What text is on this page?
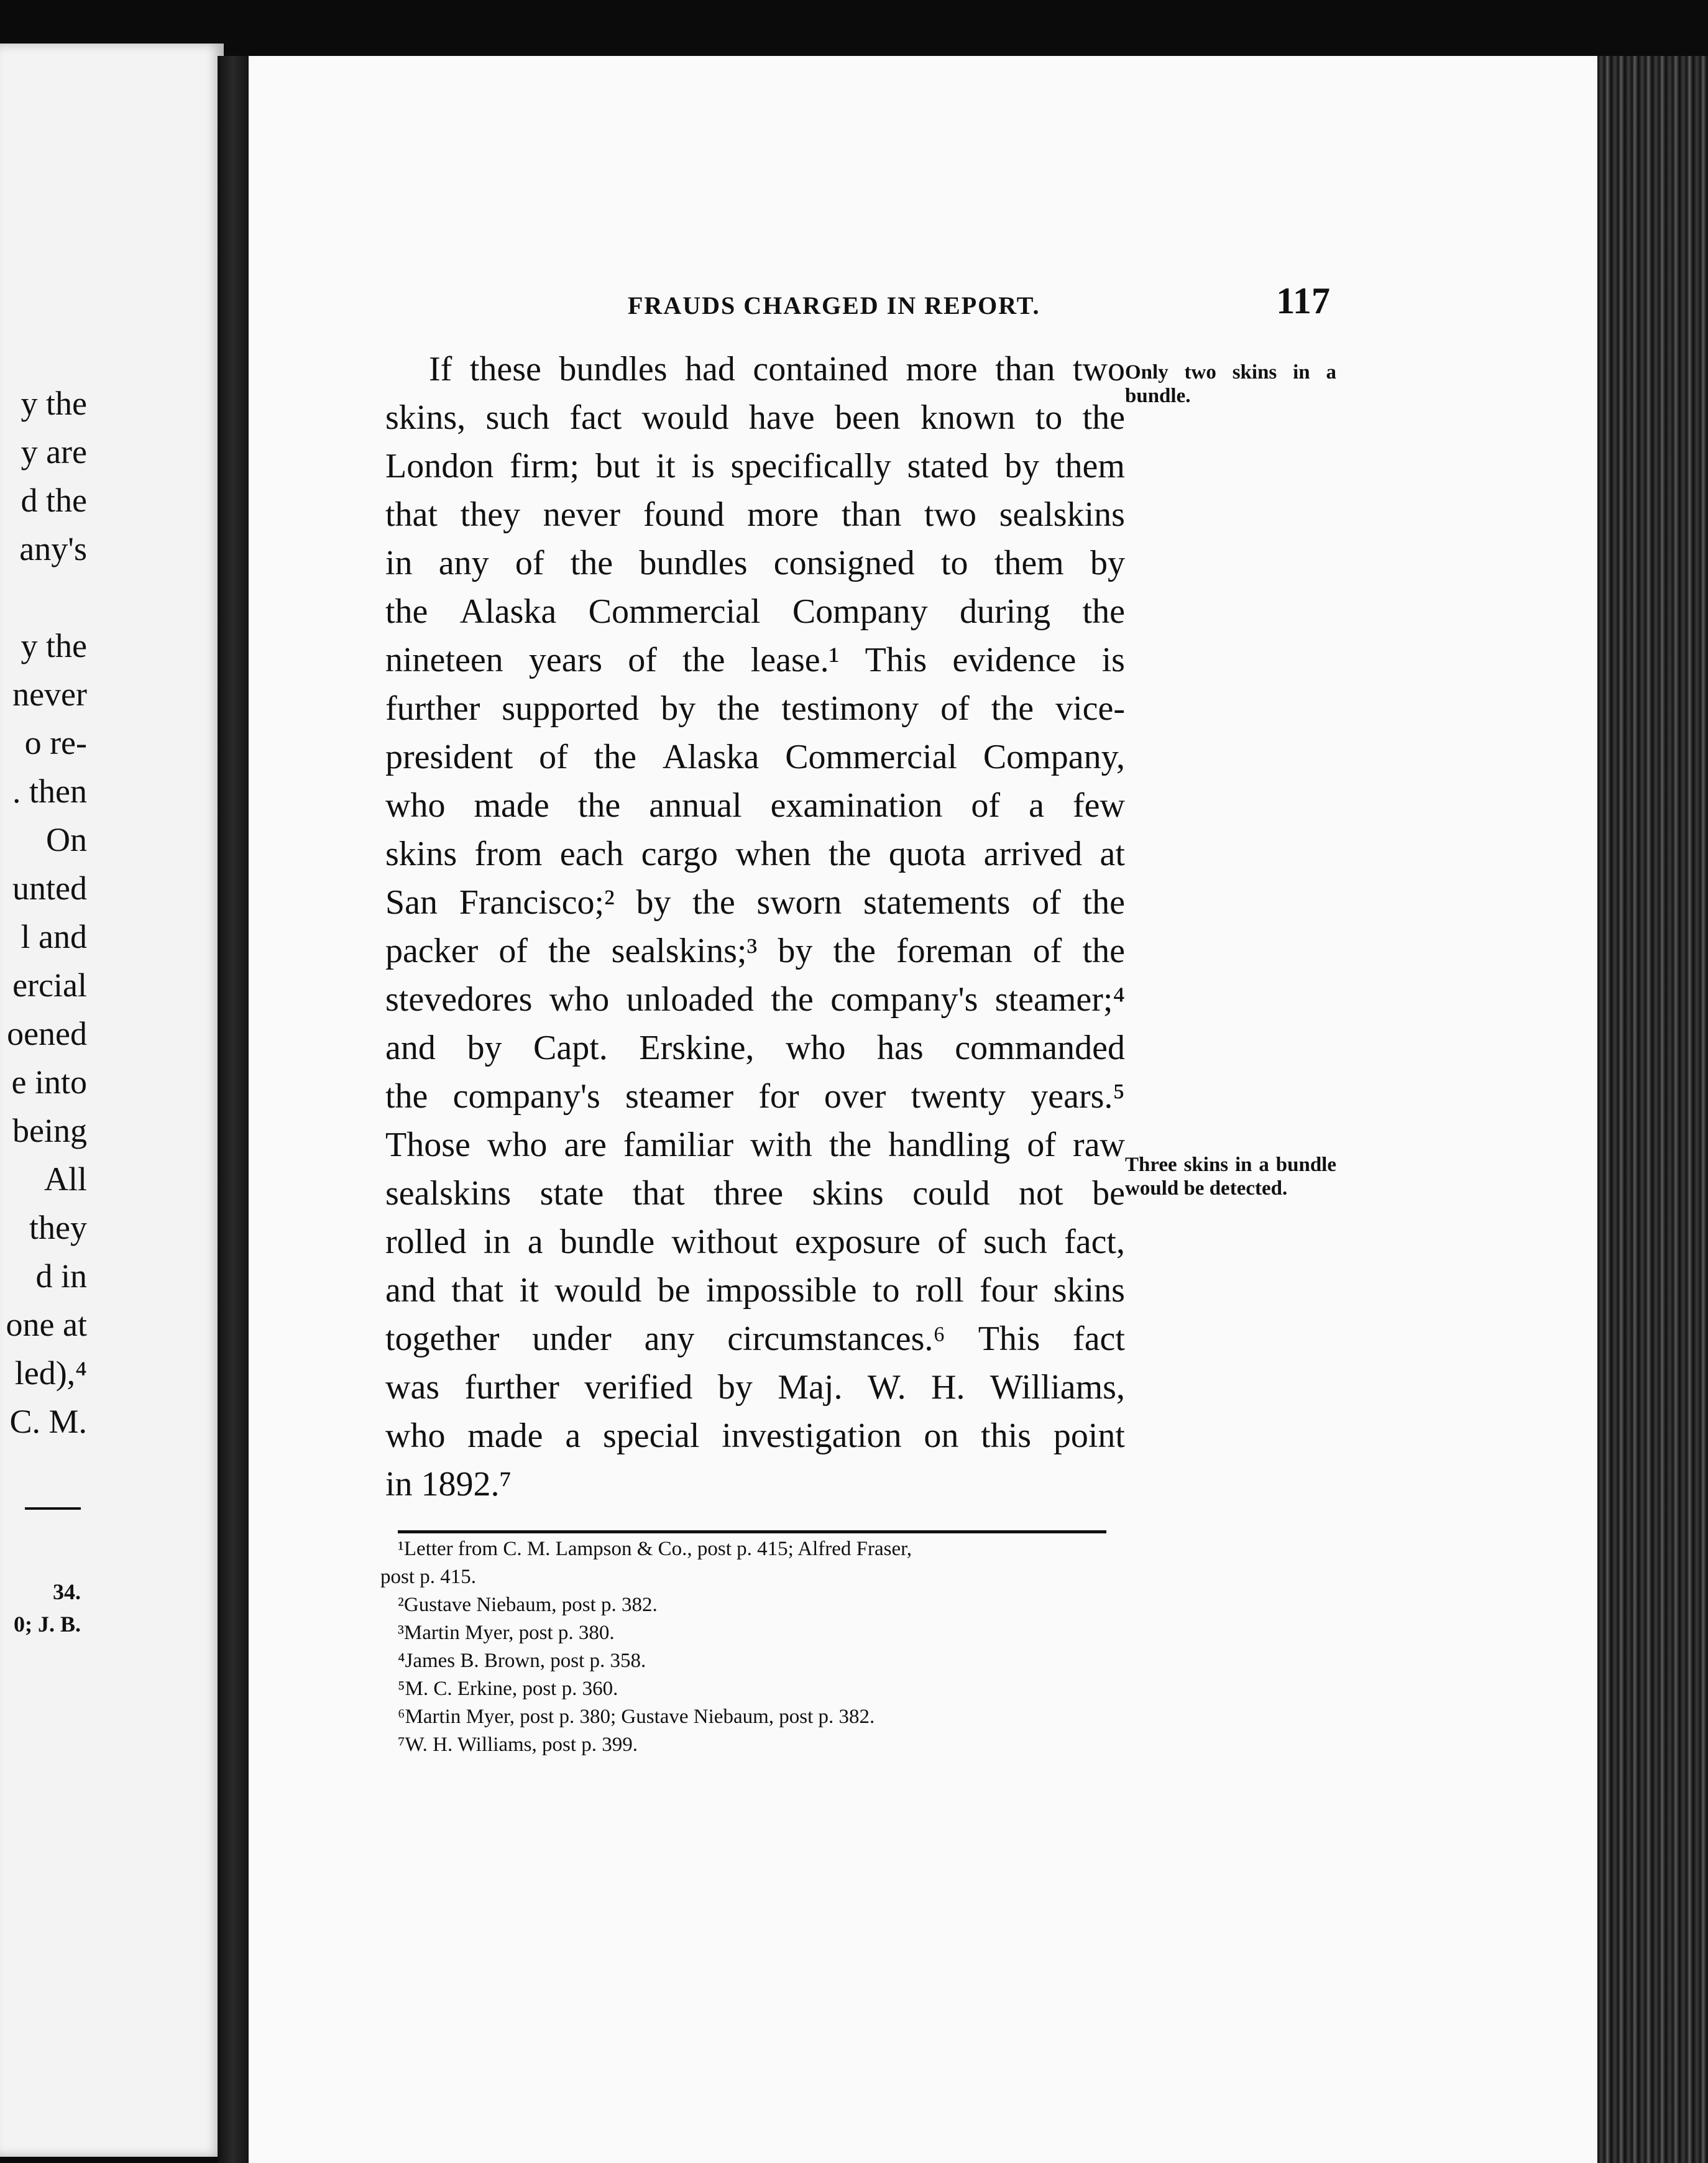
y the
y are
d the
any's

y the
never
o re-
. then
On
unted
l and
ercial
oened
e into
being
All
they
d in
one at
led),⁴
C. M.
34.
0; J. B.
FRAUDS CHARGED IN REPORT.	117
If these bundles had contained more than two
skins, such fact would have been known to the
London firm; but it is specifically stated by them
that they never found more than two sealskins
in any of the bundles consigned to them by
the Alaska Commercial Company during the
nineteen years of the lease.¹ This evidence is
further supported by the testimony of the vice-
president of the Alaska Commercial Company,
who made the annual examination of a few
skins from each cargo when the quota arrived at
San Francisco;² by the sworn statements of the
packer of the sealskins;³ by the foreman of the
stevedores who unloaded the company's steamer;⁴
and by Capt. Erskine, who has commanded
the company's steamer for over twenty years.⁵
Those who are familiar with the handling of raw
sealskins state that three skins could not be
rolled in a bundle without exposure of such fact,
and that it would be impossible to roll four skins
together under any circumstances.⁶ This fact
was further verified by Maj. W. H. Williams,
who made a special investigation on this point
in 1892.⁷
Only two skins in a bundle.
Three skins in a bundle would be detected.
¹Letter from C. M. Lampson & Co., post p. 415; Alfred Fraser,
post p. 415.
²Gustave Niebaum, post p. 382.
³Martin Myer, post p. 380.
⁴James B. Brown, post p. 358.
⁵M. C. Erkine, post p. 360.
⁶Martin Myer, post p. 380; Gustave Niebaum, post p. 382.
⁷W. H. Williams, post p. 399.
